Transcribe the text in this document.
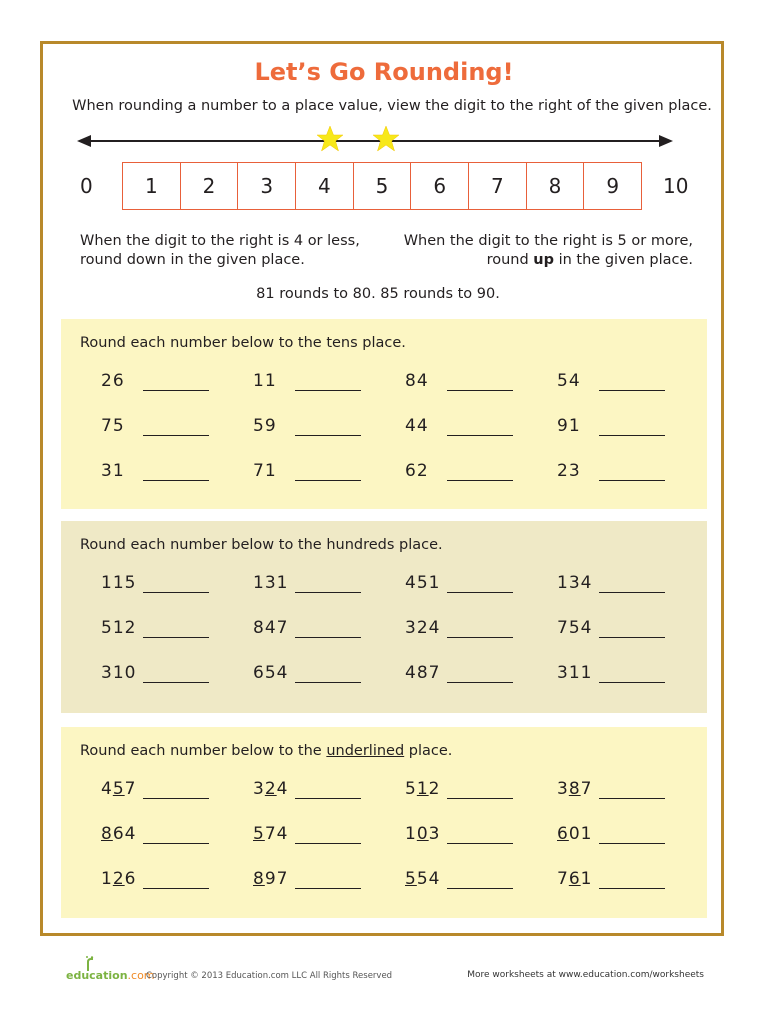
Let’s Go Rounding!
When rounding a number to a place value, view the digit to the right of the given place.
0	1	2	3	4	5	6	7	8	9	10
When the digit to the right is 4 or less,
round down in the given place.
When the digit to the right is 5 or more,
round up in the given place.
81 rounds to 80. 85 rounds to 90.
Round each number below to the tens place.
26	11	84	54
75	59	44	91
31	71	62	23
Round each number below to the hundreds place.
115	131	451	134
512	847	324	754
310	654	487	311
Round each number below to the underlined place.
457	324	512	387
864	574	103	601
126	897	554	761
education.com
Copyright © 2013 Education.com LLC All Rights Reserved	More worksheets at www.education.com/worksheets
